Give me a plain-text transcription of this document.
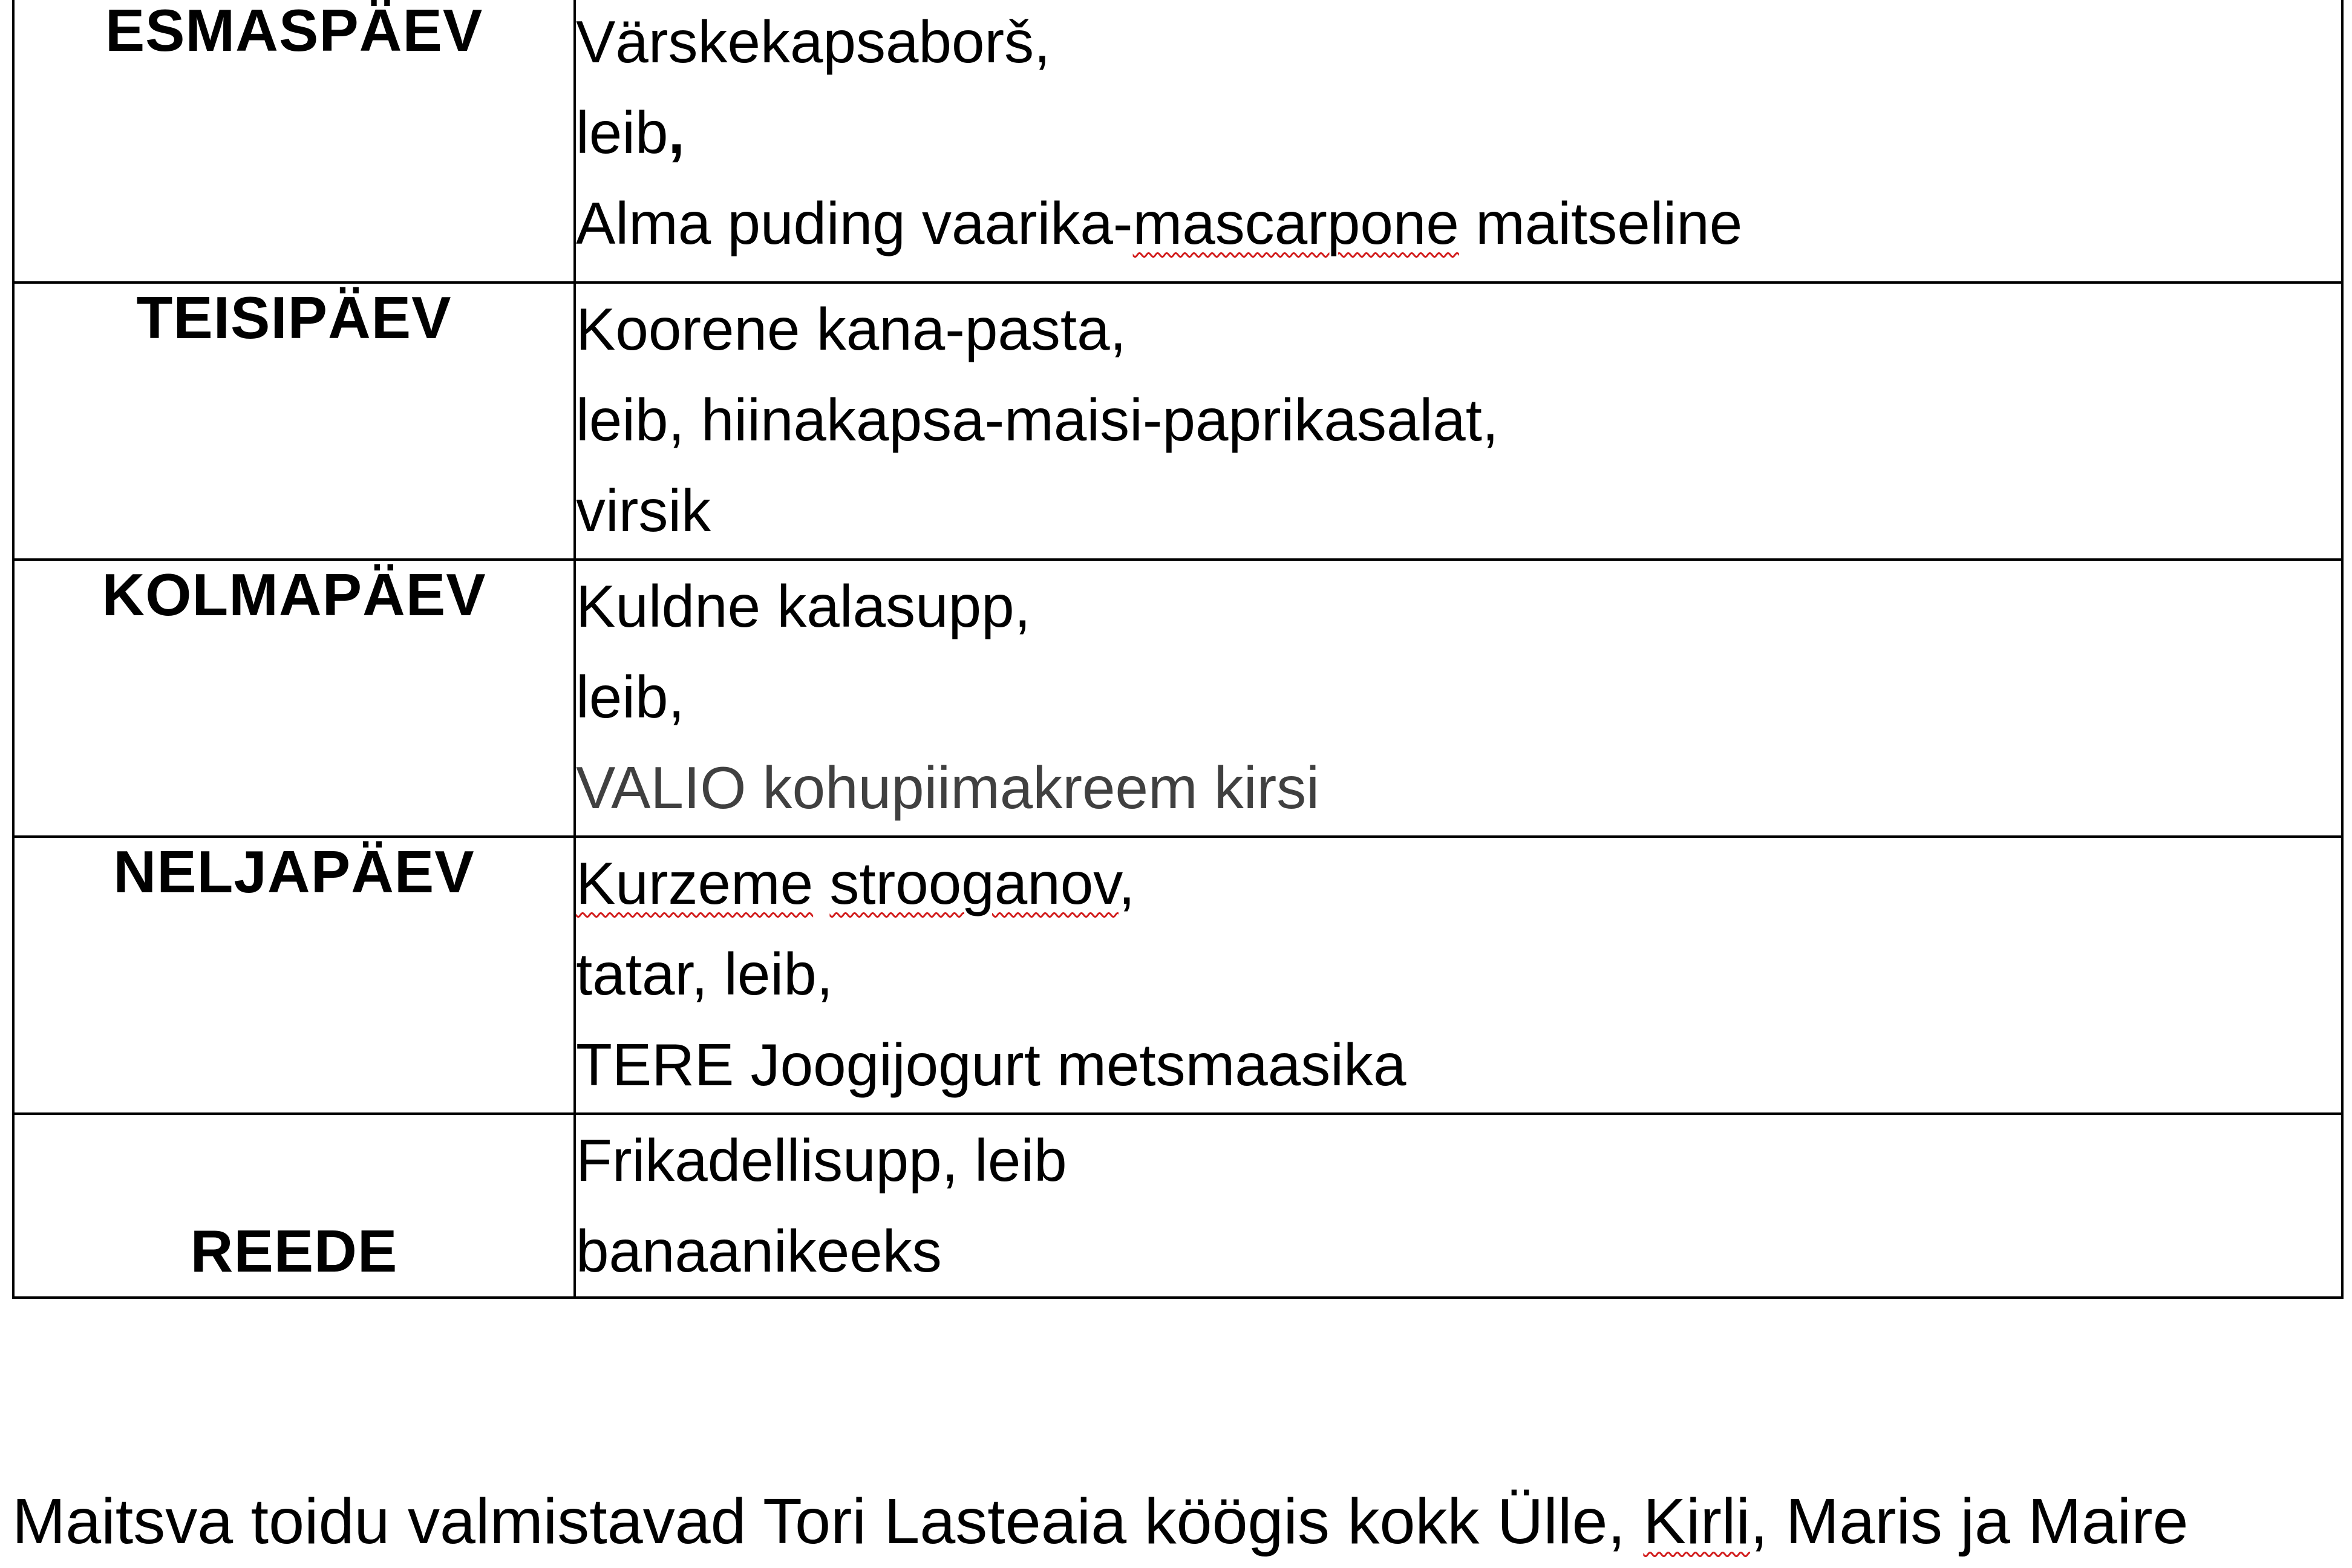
ESMASPÄEV	Värskekapsaborš,
leib,
Alma puding vaarika-mascarpone maitseline

TEISIPÄEV	Koorene kana-pasta,
leib, hiinakapsa-maisi-paprikasalat,
virsik

KOLMAPÄEV	Kuldne kalasupp,
leib,
VALIO kohupiimakreem kirsi

NELJAPÄEV	Kurzeme strooganov,
tatar, leib,
TERE Joogijogurt metsmaasika

REEDE	Frikadellisupp, leib
banaanikeeks
Maitsva toidu valmistavad Tori Lasteaia köögis kokk Ülle, Kirli, Maris ja Maire
